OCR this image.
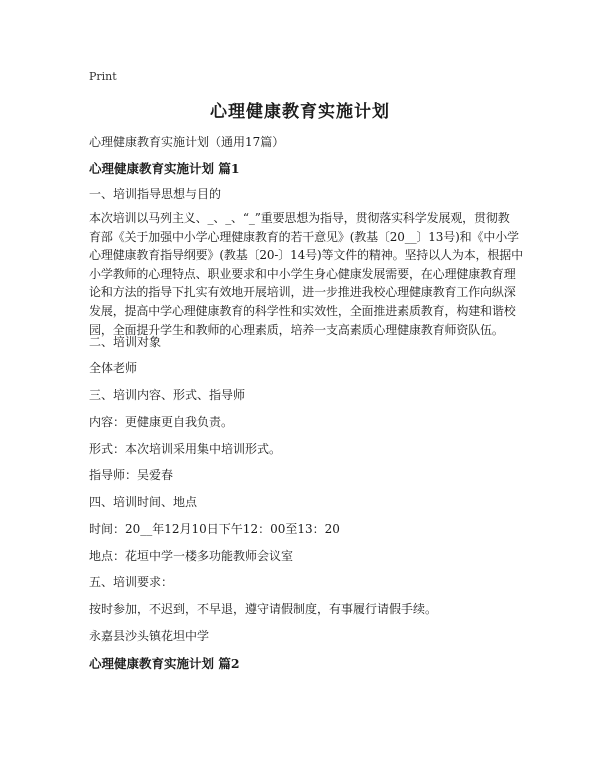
Print
心理健康教育实施计划
心理健康教育实施计划（通用17篇）
心理健康教育实施计划 篇1
一、培训指导思想与目的
本次培训以马列主义、_、_、“_”重要思想为指导，贯彻落实科学发展观，贯彻教
育部《关于加强中小学心理健康教育的若干意见》(教基〔20__〕13号)和《中小学
心理健康教育指导纲要》(教基〔20-〕14号)等文件的精神。坚持以人为本，根据中
小学教师的心理特点、职业要求和中小学生身心健康发展需要，在心理健康教育理
论和方法的指导下扎实有效地开展培训，进一步推进我校心理健康教育工作向纵深
发展，提高中学心理健康教育的科学性和实效性，全面推进素质教育，构建和谐校
园，全面提升学生和教师的心理素质，培养一支高素质心理健康教育师资队伍。
二、培训对象
全体老师
三、培训内容、形式、指导师
内容：更健康更自我负责。
形式：本次培训采用集中培训形式。
指导师：吴爱春
四、培训时间、地点
时间：20__年12月10日下午12：00至13：20
地点：花垣中学一楼多功能教师会议室
五、培训要求：
按时参加，不迟到，不早退，遵守请假制度，有事履行请假手续。
永嘉县沙头镇花坦中学
心理健康教育实施计划 篇2
